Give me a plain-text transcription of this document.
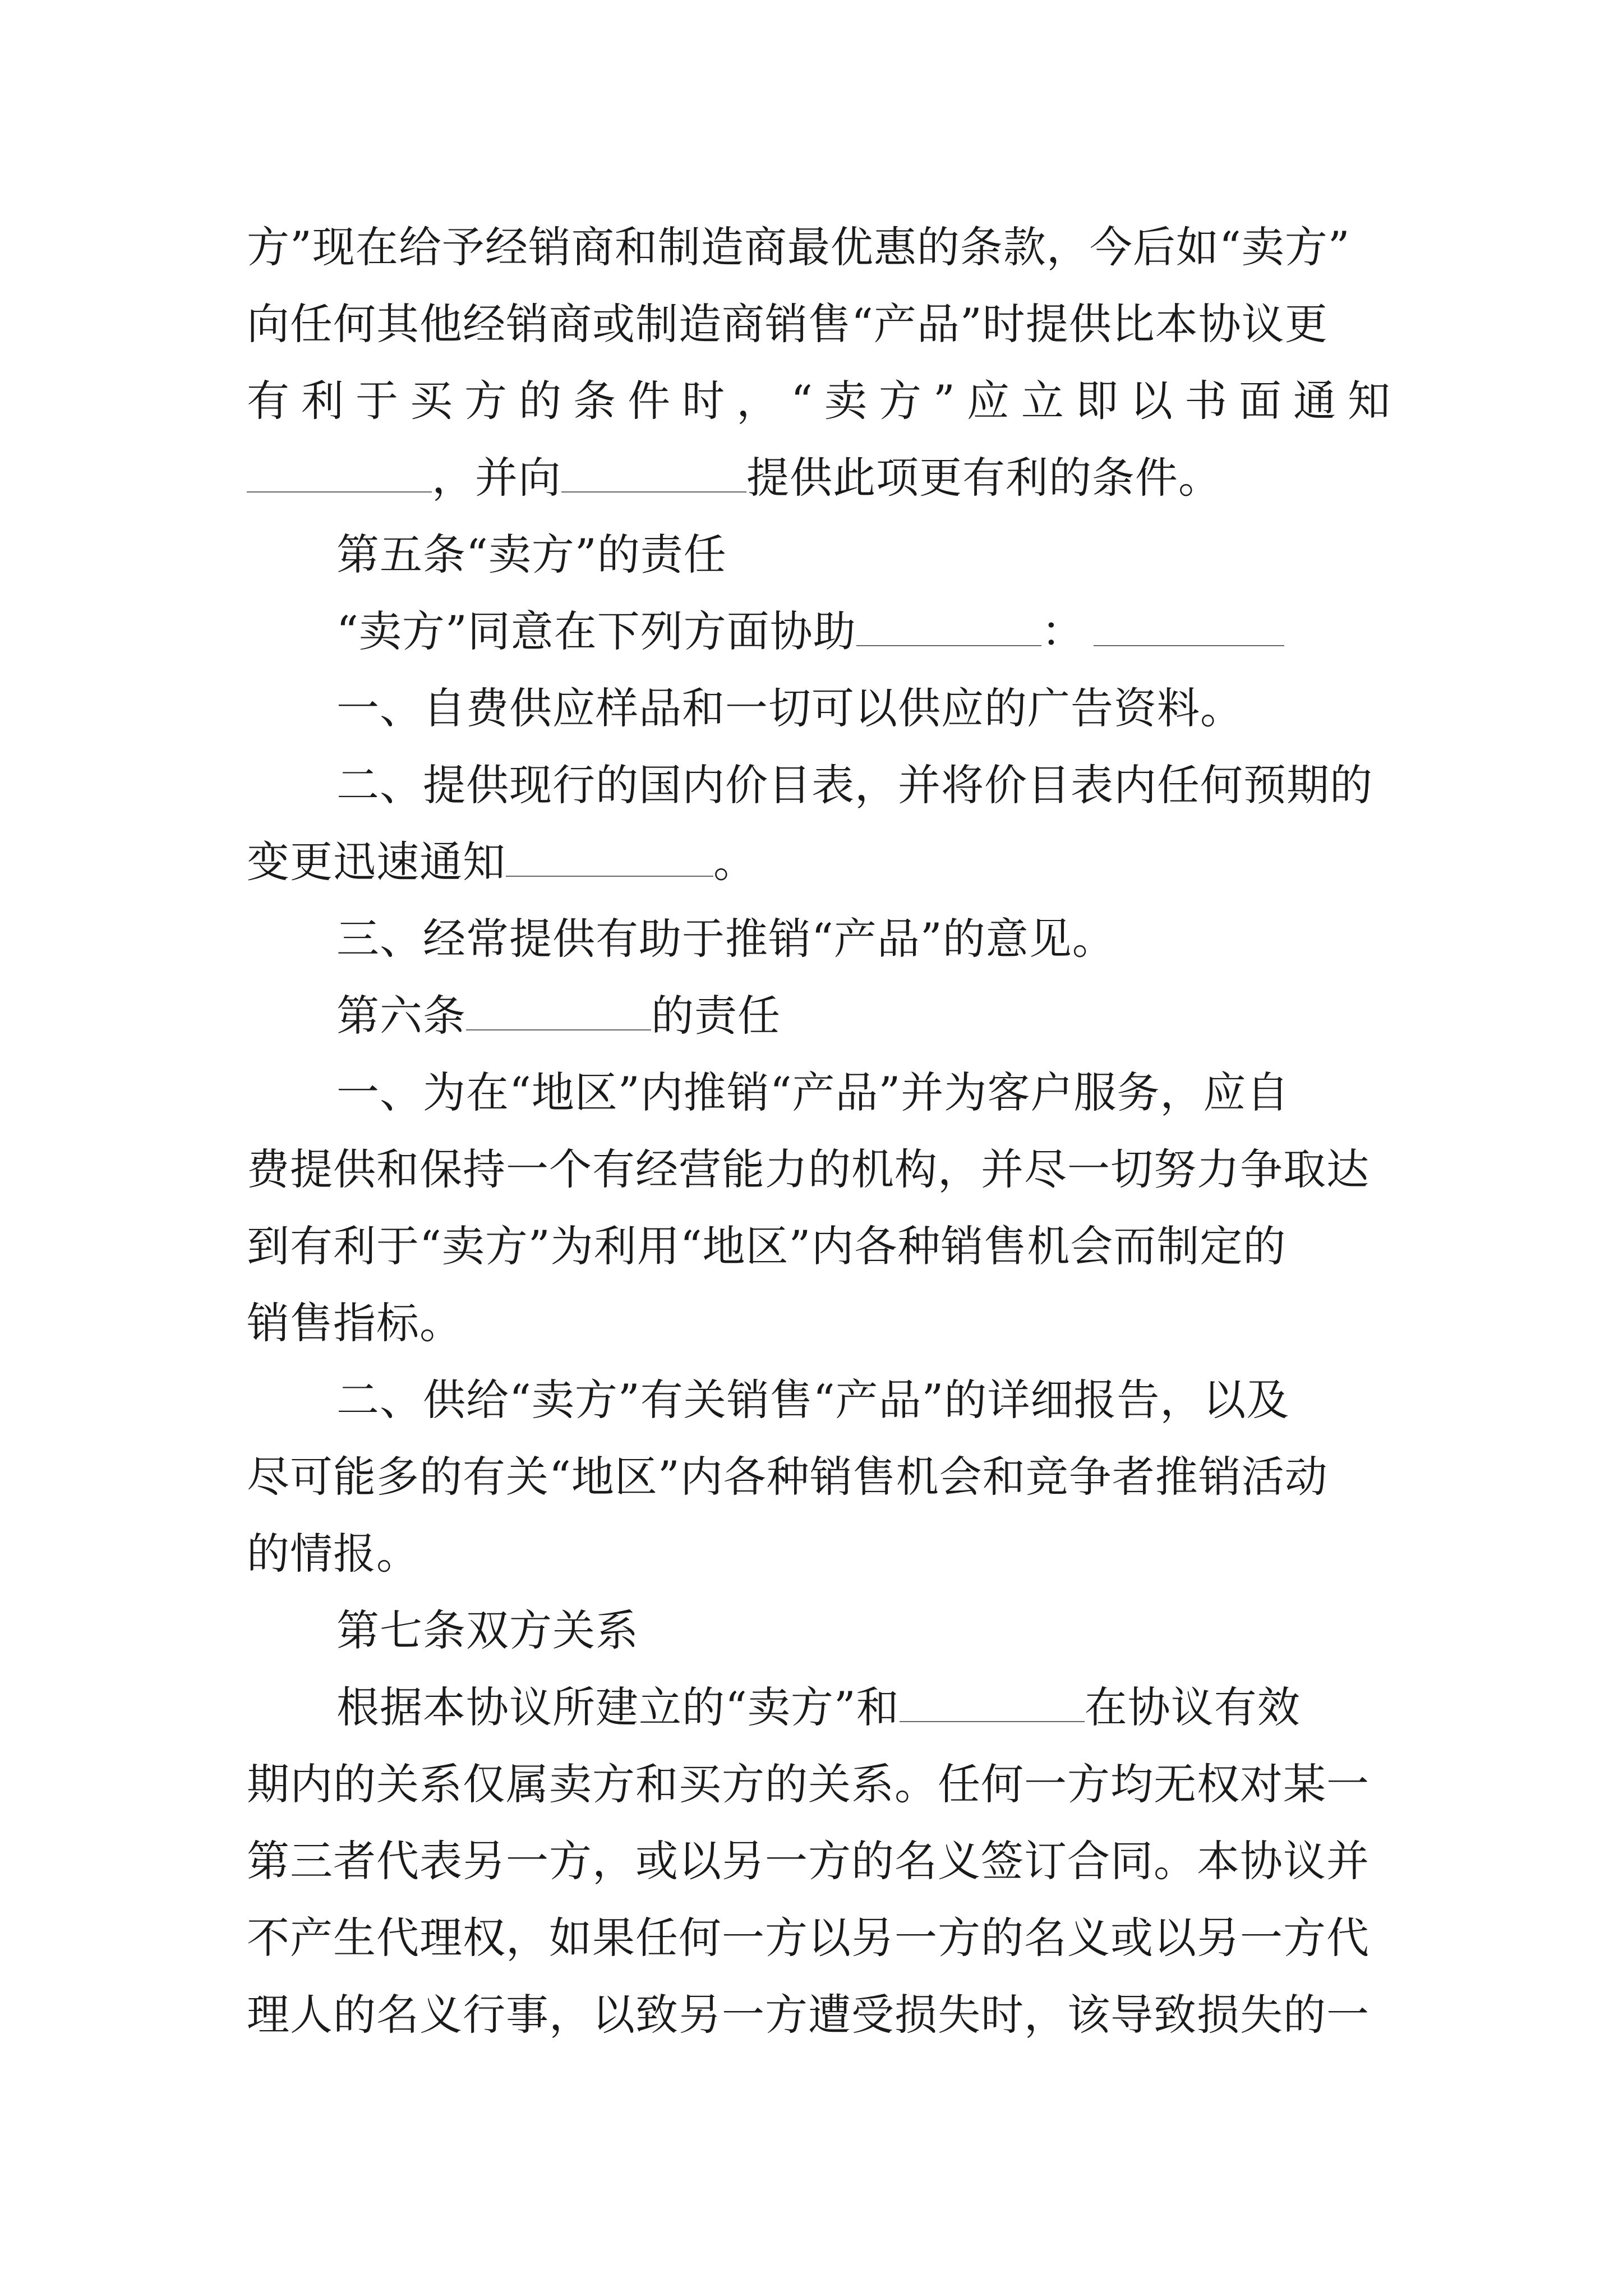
方”现在给予经销商和制造商最优惠的条款，今后如“卖方”
向任何其他经销商或制造商销售“产品”时提供比本协议更
有利于买方的条件时，“卖方”应立即以书面通知
，并向	提供此项更有利的条件。
第五条“卖方”的责任
“卖方”同意在下列方面协助	：
一、自费供应样品和一切可以供应的广告资料。
二、提供现行的国内价目表，并将价目表内任何预期的
变更迅速通知	。
三、经常提供有助于推销“产品”的意见。
第六条	的责任
一、为在“地区”内推销“产品”并为客户服务，应自
费提供和保持一个有经营能力的机构，并尽一切努力争取达
到有利于“卖方”为利用“地区”内各种销售机会而制定的
销售指标。
二、供给“卖方”有关销售“产品”的详细报告，以及
尽可能多的有关“地区”内各种销售机会和竞争者推销活动
的情报。
第七条双方关系
根据本协议所建立的“卖方”和	在协议有效
期内的关系仅属卖方和买方的关系。任何一方均无权对某一
第三者代表另一方，或以另一方的名义签订合同。本协议并
不产生代理权，如果任何一方以另一方的名义或以另一方代
理人的名义行事，以致另一方遭受损失时，该导致损失的一
